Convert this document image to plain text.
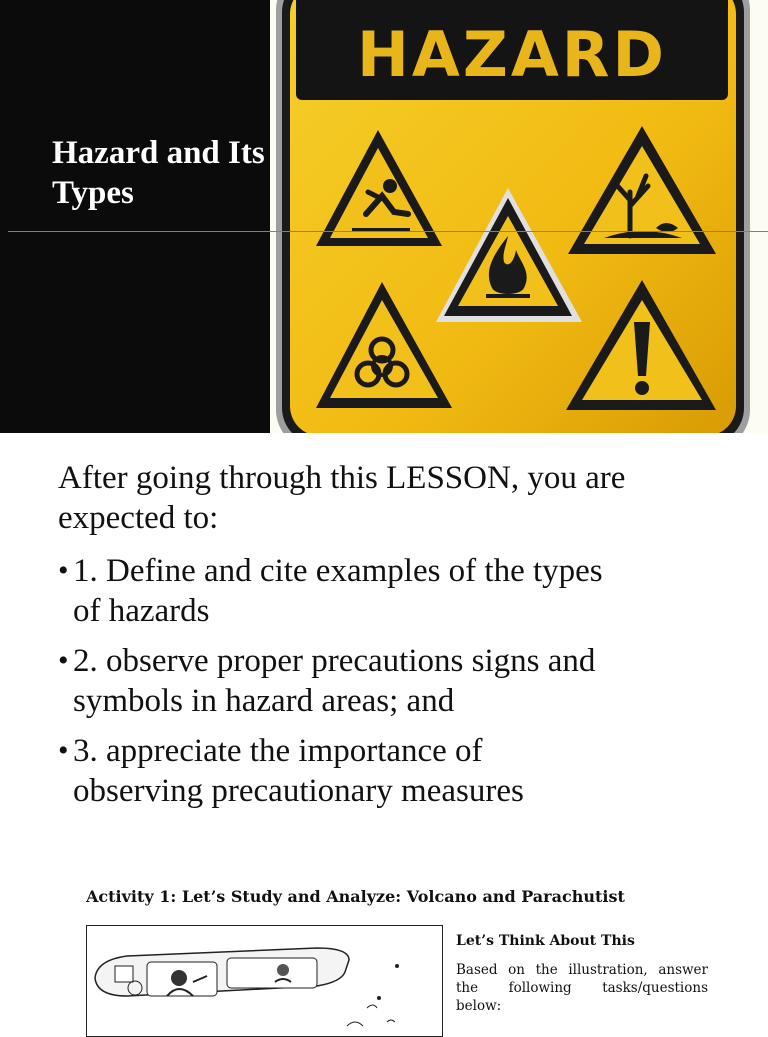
HAZARD
Hazard and Its
Types
After going through this LESSON, you are
expected to:
• 1. Define and cite examples of the types
of hazards
• 2. observe proper precautions signs and
symbols in hazard areas; and
• 3. appreciate the importance of
observing precautionary measures
Activity 1: Let’s Study and Analyze: Volcano and Parachutist
Let’s Think About This
Based on the illustration, answer
the following tasks/questions
below:
